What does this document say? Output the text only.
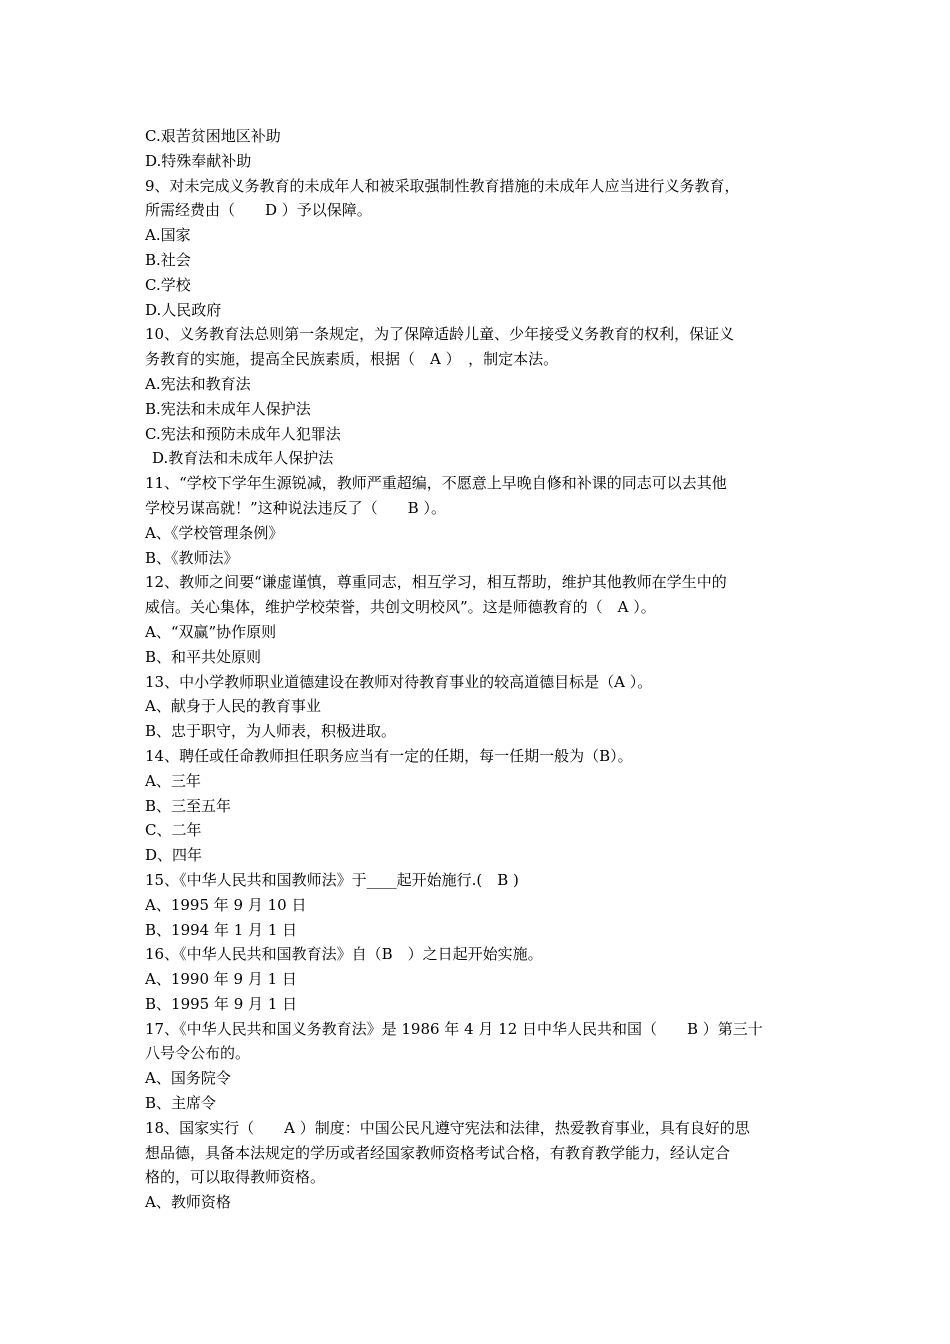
C.艰苦贫困地区补助
D.特殊奉献补助
9、对未完成义务教育的未成年人和被采取强制性教育措施的未成年人应当进行义务教育，
所需经费由（　　D ）予以保障。
A.国家
B.社会
C.学校
D.人民政府
10、义务教育法总则第一条规定，为了保障适龄儿童、少年接受义务教育的权利，保证义
务教育的实施，提高全民族素质，根据（　A ）　，制定本法。
A.宪法和教育法
B.宪法和未成年人保护法
C.宪法和预防未成年人犯罪法
D.教育法和未成年人保护法
11、“学校下学年生源锐减，教师严重超编，不愿意上早晚自修和补课的同志可以去其他
学校另谋高就！”这种说法违反了（　　B ）。
A、《学校管理条例》
B、《教师法》
12、教师之间要“谦虚谨慎，尊重同志，相互学习，相互帮助，维护其他教师在学生中的
威信。关心集体，维护学校荣誉，共创文明校风”。这是师德教育的（　A ）。
A、“双赢”协作原则
B、和平共处原则
13、中小学教师职业道德建设在教师对待教育事业的较高道德目标是（A ）。
A、献身于人民的教育事业
B、忠于职守，为人师表，积极进取。
14、聘任或任命教师担任职务应当有一定的任期，每一任期一般为（B）。
A、三年
B、三至五年
C、二年
D、四年
15、《中华人民共和国教师法》于____起开始施行.(　B )
A、1995 年 9 月 10 日
B、1994 年 1 月 1 日
16、《中华人民共和国教育法》自（B　）之日起开始实施。
A、1990 年 9 月 1 日
B、1995 年 9 月 1 日
17、《中华人民共和国义务教育法》是 1986 年 4 月 12 日中华人民共和国（　　B ）第三十
八号令公布的。
A、国务院令
B、主席令
18、国家实行（　　A ）制度：中国公民凡遵守宪法和法律，热爱教育事业，具有良好的思
想品德，具备本法规定的学历或者经国家教师资格考试合格，有教育教学能力，经认定合
格的，可以取得教师资格。
A、教师资格
